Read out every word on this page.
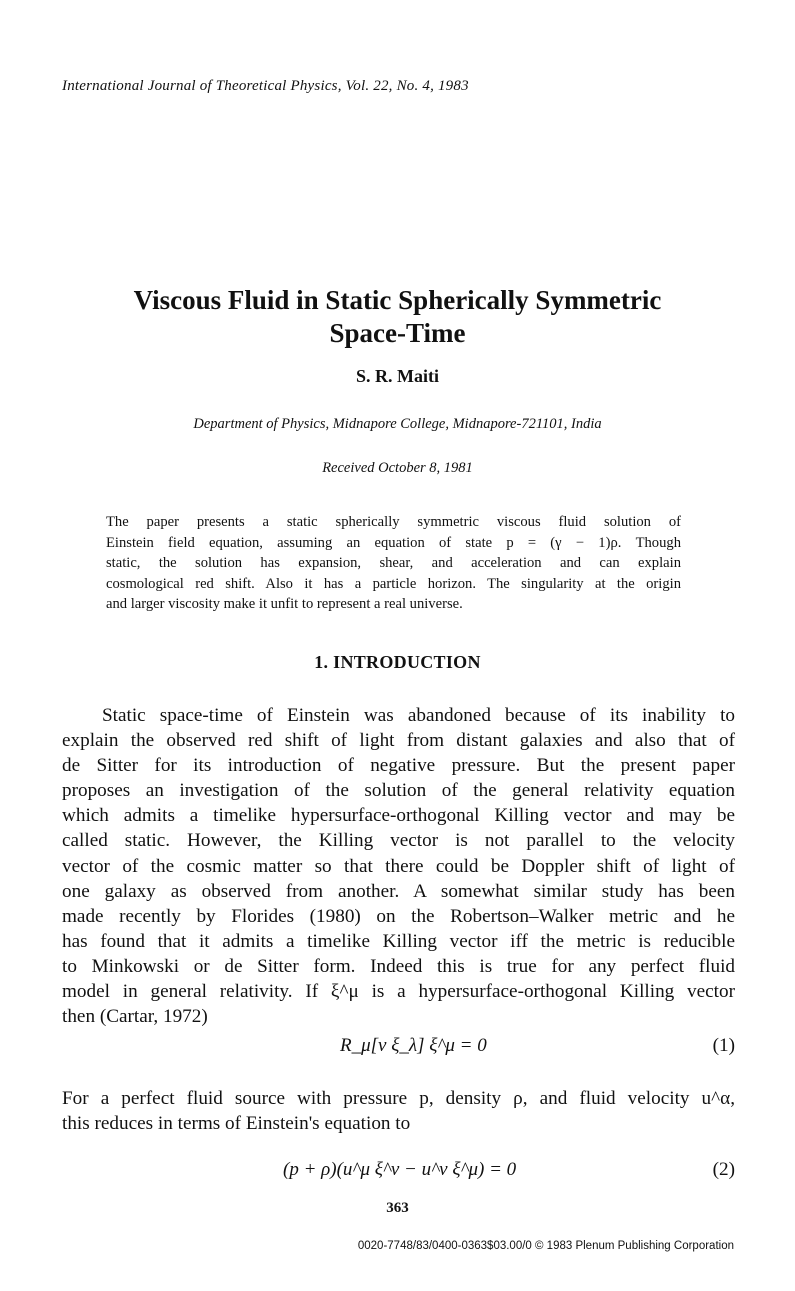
International Journal of Theoretical Physics, Vol. 22, No. 4, 1983
Viscous Fluid in Static Spherically Symmetric
Space-Time
S. R. Maiti
Department of Physics, Midnapore College, Midnapore-721101, India
Received October 8, 1981
The paper presents a static spherically symmetric viscous fluid solution of
Einstein field equation, assuming an equation of state p = (γ − 1)ρ. Though
static, the solution has expansion, shear, and acceleration and can explain
cosmological red shift. Also it has a particle horizon. The singularity at the origin
and larger viscosity make it unfit to represent a real universe.
1. INTRODUCTION
Static space-time of Einstein was abandoned because of its inability to
explain the observed red shift of light from distant galaxies and also that of
de Sitter for its introduction of negative pressure. But the present paper
proposes an investigation of the solution of the general relativity equation
which admits a timelike hypersurface-orthogonal Killing vector and may be
called static. However, the Killing vector is not parallel to the velocity
vector of the cosmic matter so that there could be Doppler shift of light of
one galaxy as observed from another. A somewhat similar study has been
made recently by Florides (1980) on the Robertson–Walker metric and he
has found that it admits a timelike Killing vector iff the metric is reducible
to Minkowski or de Sitter form. Indeed this is true for any perfect fluid
model in general relativity. If ξ^μ is a hypersurface-orthogonal Killing vector
then (Cartar, 1972)
R_μ[ν ξ_λ] ξ^μ = 0	(1)
For a perfect fluid source with pressure p, density ρ, and fluid velocity u^α,
this reduces in terms of Einstein's equation to
(p + ρ)(u^μ ξ^ν − u^ν ξ^μ) = 0	(2)
363
0020-7748/83/0400-0363$03.00/0 © 1983 Plenum Publishing Corporation
